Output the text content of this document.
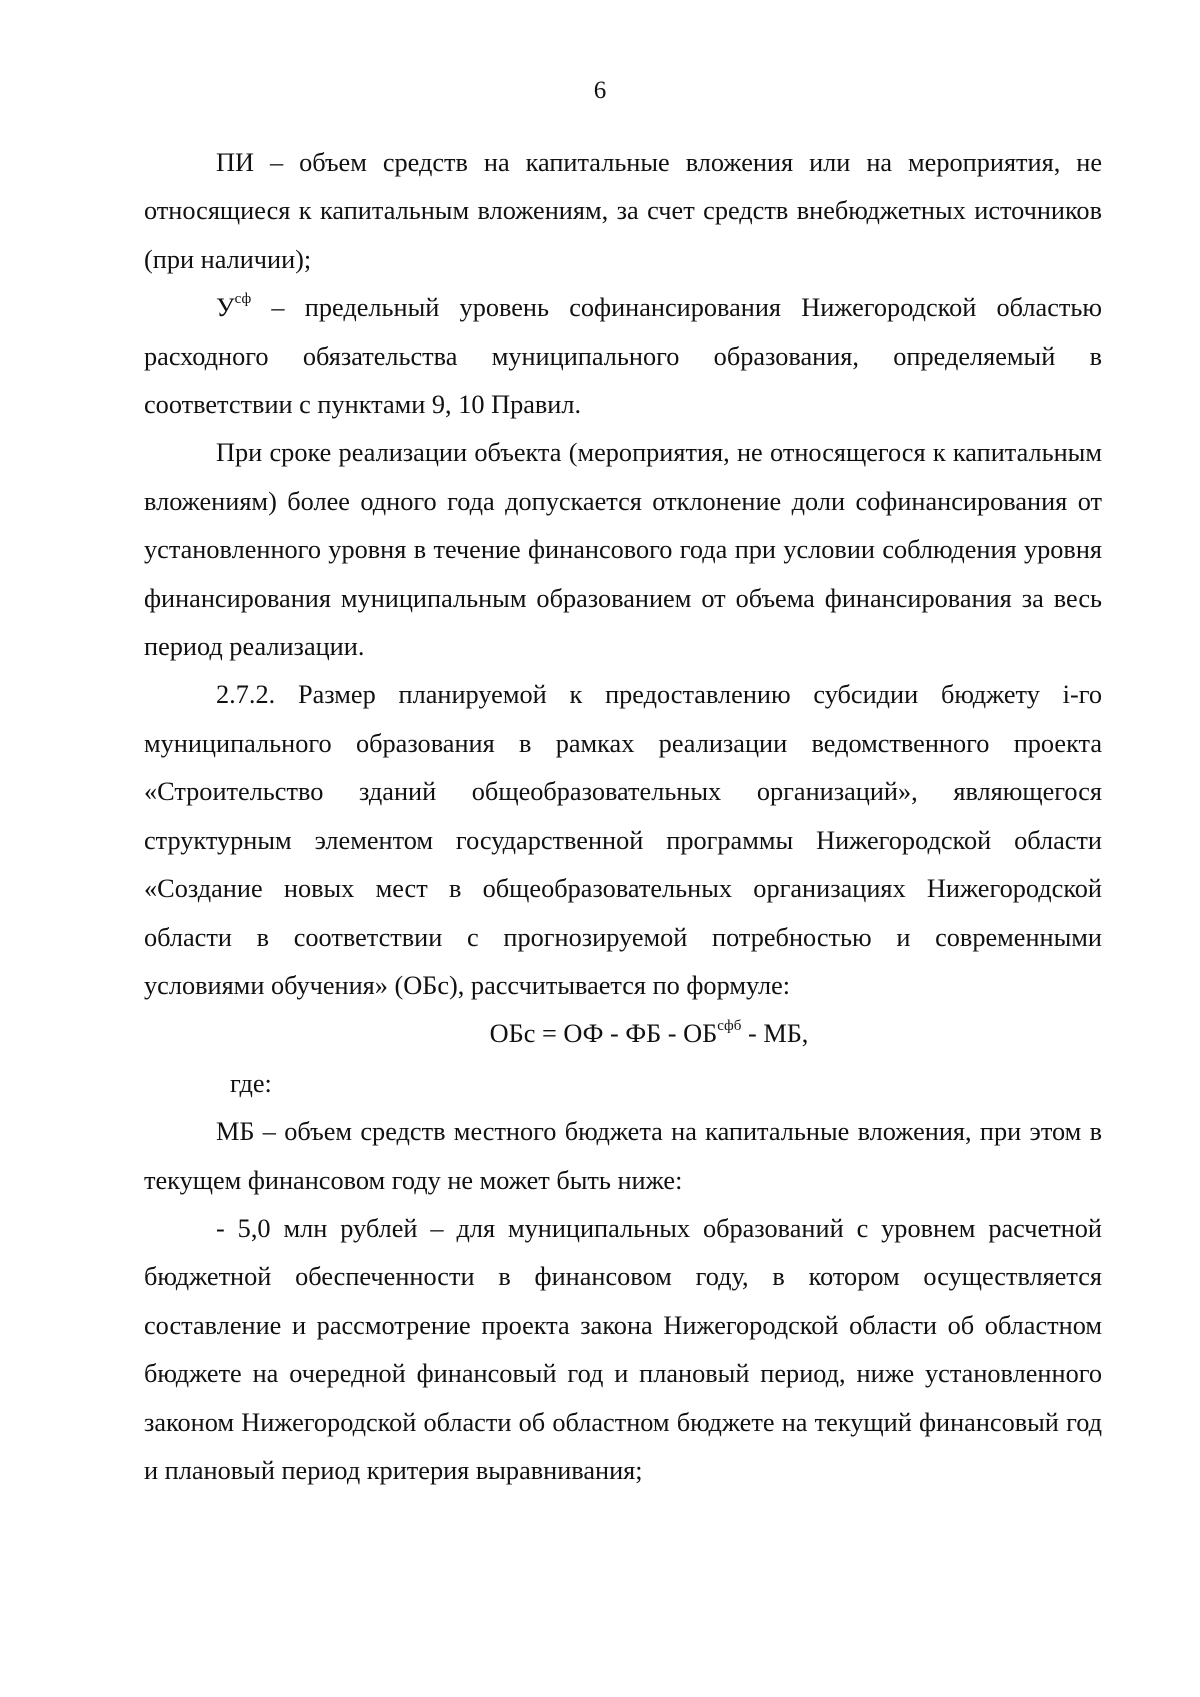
6

ПИ – объем средств на капитальные вложения или на мероприятия, не относящиеся к капитальным вложениям, за счет средств внебюджетных источников (при наличии);

$У^{сф}$ – предельный уровень софинансирования Нижегородской областью расходного обязательства муниципального образования, определяемый в соответствии с пунктами 9, 10 Правил.

При сроке реализации объекта (мероприятия, не относящегося к капитальным вложениям) более одного года допускается отклонение доли софинансирования от установленного уровня в течение финансового года при условии соблюдения уровня финансирования муниципальным образованием от объема финансирования за весь период реализации.

2.7.2. Размер планируемой к предоставлению субсидии бюджету i-го муниципального образования в рамках реализации ведомственного проекта «Строительство зданий общеобразовательных организаций», являющегося структурным элементом государственной программы Нижегородской области «Создание новых мест в общеобразовательных организациях Нижегородской области в соответствии с прогнозируемой потребностью и современными условиями обучения» (ОБс), рассчитывается по формуле:

ОБс = ОФ - ФБ - $ОБ^{сфб}$ - МБ,

где:

МБ – объем средств местного бюджета на капитальные вложения, при этом в текущем финансовом году не может быть ниже:

- 5,0 млн рублей – для муниципальных образований с уровнем расчетной бюджетной обеспеченности в финансовом году, в котором осуществляется составление и рассмотрение проекта закона Нижегородской области об областном бюджете на очередной финансовый год и плановый период, ниже установленного законом Нижегородской области об областном бюджете на текущий финансовый год и плановый период критерия выравнивания;
